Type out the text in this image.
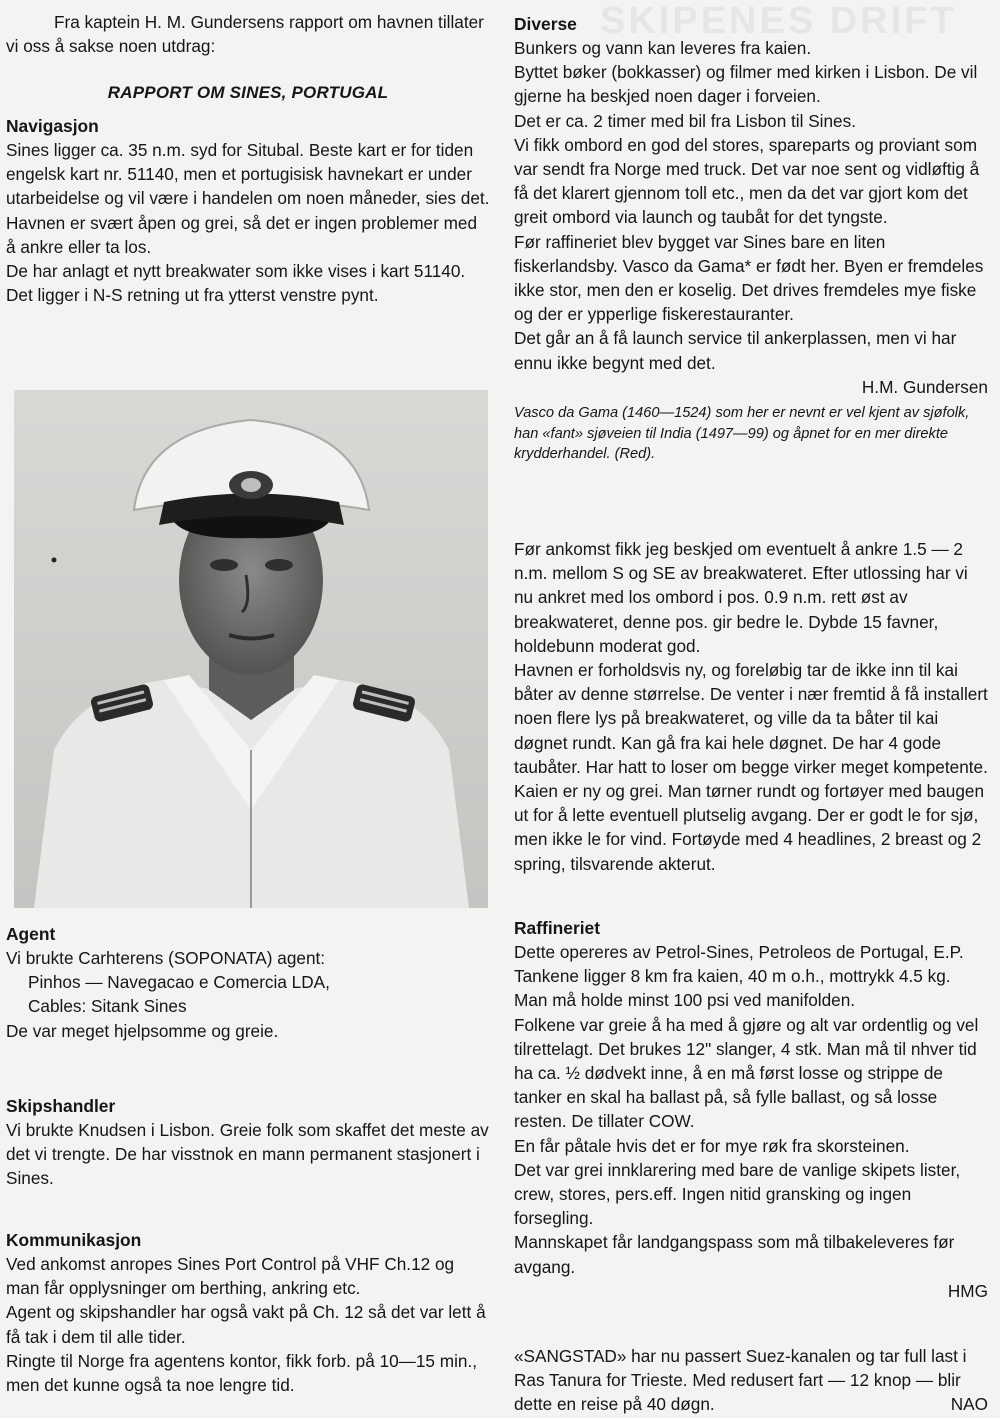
SKIPENES DRIFT

Fra kaptein H. M. Gundersens rapport om havnen tillater vi oss å sakse noen utdrag:

RAPPORT OM SINES, PORTUGAL
Navigasjon

Sines ligger ca. 35 n.m. syd for Situbal. Beste kart er for tiden engelsk kart nr. 51140, men et portugisisk havnekart er under utarbeidelse og vil være i handelen om noen måneder, sies det. Havnen er svært åpen og grei, så det er ingen problemer med å ankre eller ta los.

De har anlagt et nytt breakwater som ikke vises i kart 51140. Det ligger i N-S retning ut fra ytterst venstre pynt.

Agent

Vi brukte Carhterens (SOPONATA) agent:

Pinhos — Navegacao e Comercia LDA,

Cables: Sitank Sines

De var meget hjelpsomme og greie.

Skipshandler

Vi brukte Knudsen i Lisbon. Greie folk som skaffet det meste av det vi trengte. De har visstnok en mann permanent stasjonert i Sines.

Kommunikasjon

Ved ankomst anropes Sines Port Control på VHF Ch.12 og man får opplysninger om berthing, ankring etc.

Agent og skipshandler har også vakt på Ch. 12 så det var lett å få tak i dem til alle tider.

Ringte til Norge fra agentens kontor, fikk forb. på 10—15 min., men det kunne også ta noe lengre tid.

Diverse

Bunkers og vann kan leveres fra kaien.

Byttet bøker (bokkasser) og filmer med kirken i Lisbon. De vil gjerne ha beskjed noen dager i forveien.

Det er ca. 2 timer med bil fra Lisbon til Sines.

Vi fikk ombord en god del stores, spareparts og proviant som var sendt fra Norge med truck. Det var noe sent og vidløftig å få det klarert gjennom toll etc., men da det var gjort kom det greit ombord via launch og taubåt for det tyngste.

Før raffineriet blev bygget var Sines bare en liten fiskerlandsby. Vasco da Gama* er født her. Byen er fremdeles ikke stor, men den er koselig. Det drives fremdeles mye fiske og der er ypperlige fiskerestauranter.

Det går an å få launch service til ankerplassen, men vi har ennu ikke begynt med det.

H.M. Gundersen

Vasco da Gama (1460—1524) som her er nevnt er vel kjent av sjøfolk, han «fant» sjøveien til India (1497—99) og åpnet for en mer direkte krydderhandel. (Red).

Før ankomst fikk jeg beskjed om eventuelt å ankre 1.5 — 2 n.m. mellom S og SE av breakwateret. Efter utlossing har vi nu ankret med los ombord i pos. 0.9 n.m. rett øst av breakwateret, denne pos. gir bedre le. Dybde 15 favner, holdebunn moderat god.

Havnen er forholdsvis ny, og foreløbig tar de ikke inn til kai båter av denne størrelse. De venter i nær fremtid å få installert noen flere lys på breakwateret, og ville da ta båter til kai døgnet rundt. Kan gå fra kai hele døgnet. De har 4 gode taubåter. Har hatt to loser om begge virker meget kompetente.

Kaien er ny og grei. Man tørner rundt og fortøyer med baugen ut for å lette eventuell plutselig avgang. Der er godt le for sjø, men ikke le for vind. Fortøyde med 4 headlines, 2 breast og 2 spring, tilsvarende akterut.

Raffineriet

Dette opereres av Petrol-Sines, Petroleos de Portugal, E.P. Tankene ligger 8 km fra kaien, 40 m o.h., mottrykk 4.5 kg. Man må holde minst 100 psi ved manifolden.

Folkene var greie å ha med å gjøre og alt var ordentlig og vel tilrettelagt. Det brukes 12" slanger, 4 stk. Man må til nhver tid ha ca. ½ dødvekt inne, å en må først losse og strippe de tanker en skal ha ballast på, så fylle ballast, og så losse resten. De tillater COW.

En får påtale hvis det er for mye røk fra skorsteinen.

Det var grei innklarering med bare de vanlige skipets lister, crew, stores, pers.eff. Ingen nitid gransking og ingen forsegling.

Mannskapet får landgangspass som må tilbakeleveres før avgang.

HMG

«SANGSTAD» har nu passert Suez-kanalen og tar full last i Ras Tanura for Trieste. Med redusert fart — 12 knop — blir dette en reise på 40 døgn.	NAO
